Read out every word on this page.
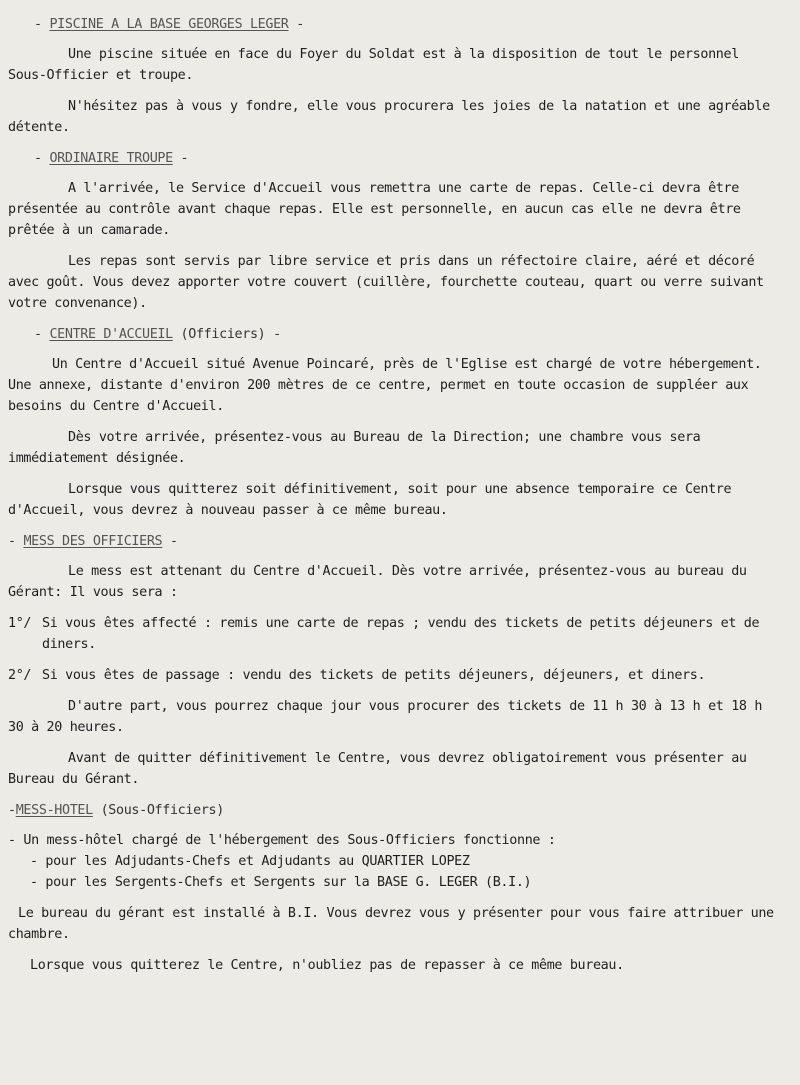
- PISCINE A LA BASE GEORGES LEGER -

Une piscine située en face du Foyer du Soldat est à la disposition de tout le personnel Sous-Officier et troupe.

N'hésitez pas à vous y fondre, elle vous procurera les joies de la natation et une agréable détente.

- ORDINAIRE TROUPE -

A l'arrivée, le Service d'Accueil vous remettra une carte de repas. Celle-ci devra être présentée au contrôle avant chaque repas. Elle est personnelle, en aucun cas elle ne devra être prêtée à un camarade.

Les repas sont servis par libre service et pris dans un réfectoire claire, aéré et décoré avec goût. Vous devez apporter votre couvert (cuillère, fourchette couteau, quart ou verre suivant votre convenance).

- CENTRE D'ACCUEIL (Officiers) -

Un Centre d'Accueil situé Avenue Poincaré, près de l'Eglise est chargé de votre hébergement. Une annexe, distante d'environ 200 mètres de ce centre, permet en toute occasion de suppléer aux besoins du Centre d'Accueil.

Dès votre arrivée, présentez-vous au Bureau de la Direction; une chambre vous sera immédiatement désignée.

Lorsque vous quitterez soit définitivement, soit pour une absence temporaire ce Centre d'Accueil, vous devrez à nouveau passer à ce même bureau.

- MESS DES OFFICIERS -

Le mess est attenant du Centre d'Accueil. Dès votre arrivée, présentez-vous au bureau du Gérant: Il vous sera :

1°/ Si vous êtes affecté : remis une carte de repas ; vendu des tickets de petits déjeuners et de diners.
2°/ Si vous êtes de passage : vendu des tickets de petits déjeuners, déjeuners, et diners.

D'autre part, vous pourrez chaque jour vous procurer des tickets de 11 h 30 à 13 h et 18 h 30 à 20 heures.

Avant de quitter définitivement le Centre, vous devrez obligatoirement vous présenter au Bureau du Gérant.

-MESS-HOTEL (Sous-Officiers)
- Un mess-hôtel chargé de l'hébergement des Sous-Officiers fonctionne :
- pour les Adjudants-Chefs et Adjudants au QUARTIER LOPEZ
- pour les Sergents-Chefs et Sergents sur la BASE G. LEGER (B.I.)

Le bureau du gérant est installé à B.I. Vous devrez vous y présenter pour vous faire attribuer une chambre.

Lorsque vous quitterez le Centre, n'oubliez pas de repasser à ce même bureau.
